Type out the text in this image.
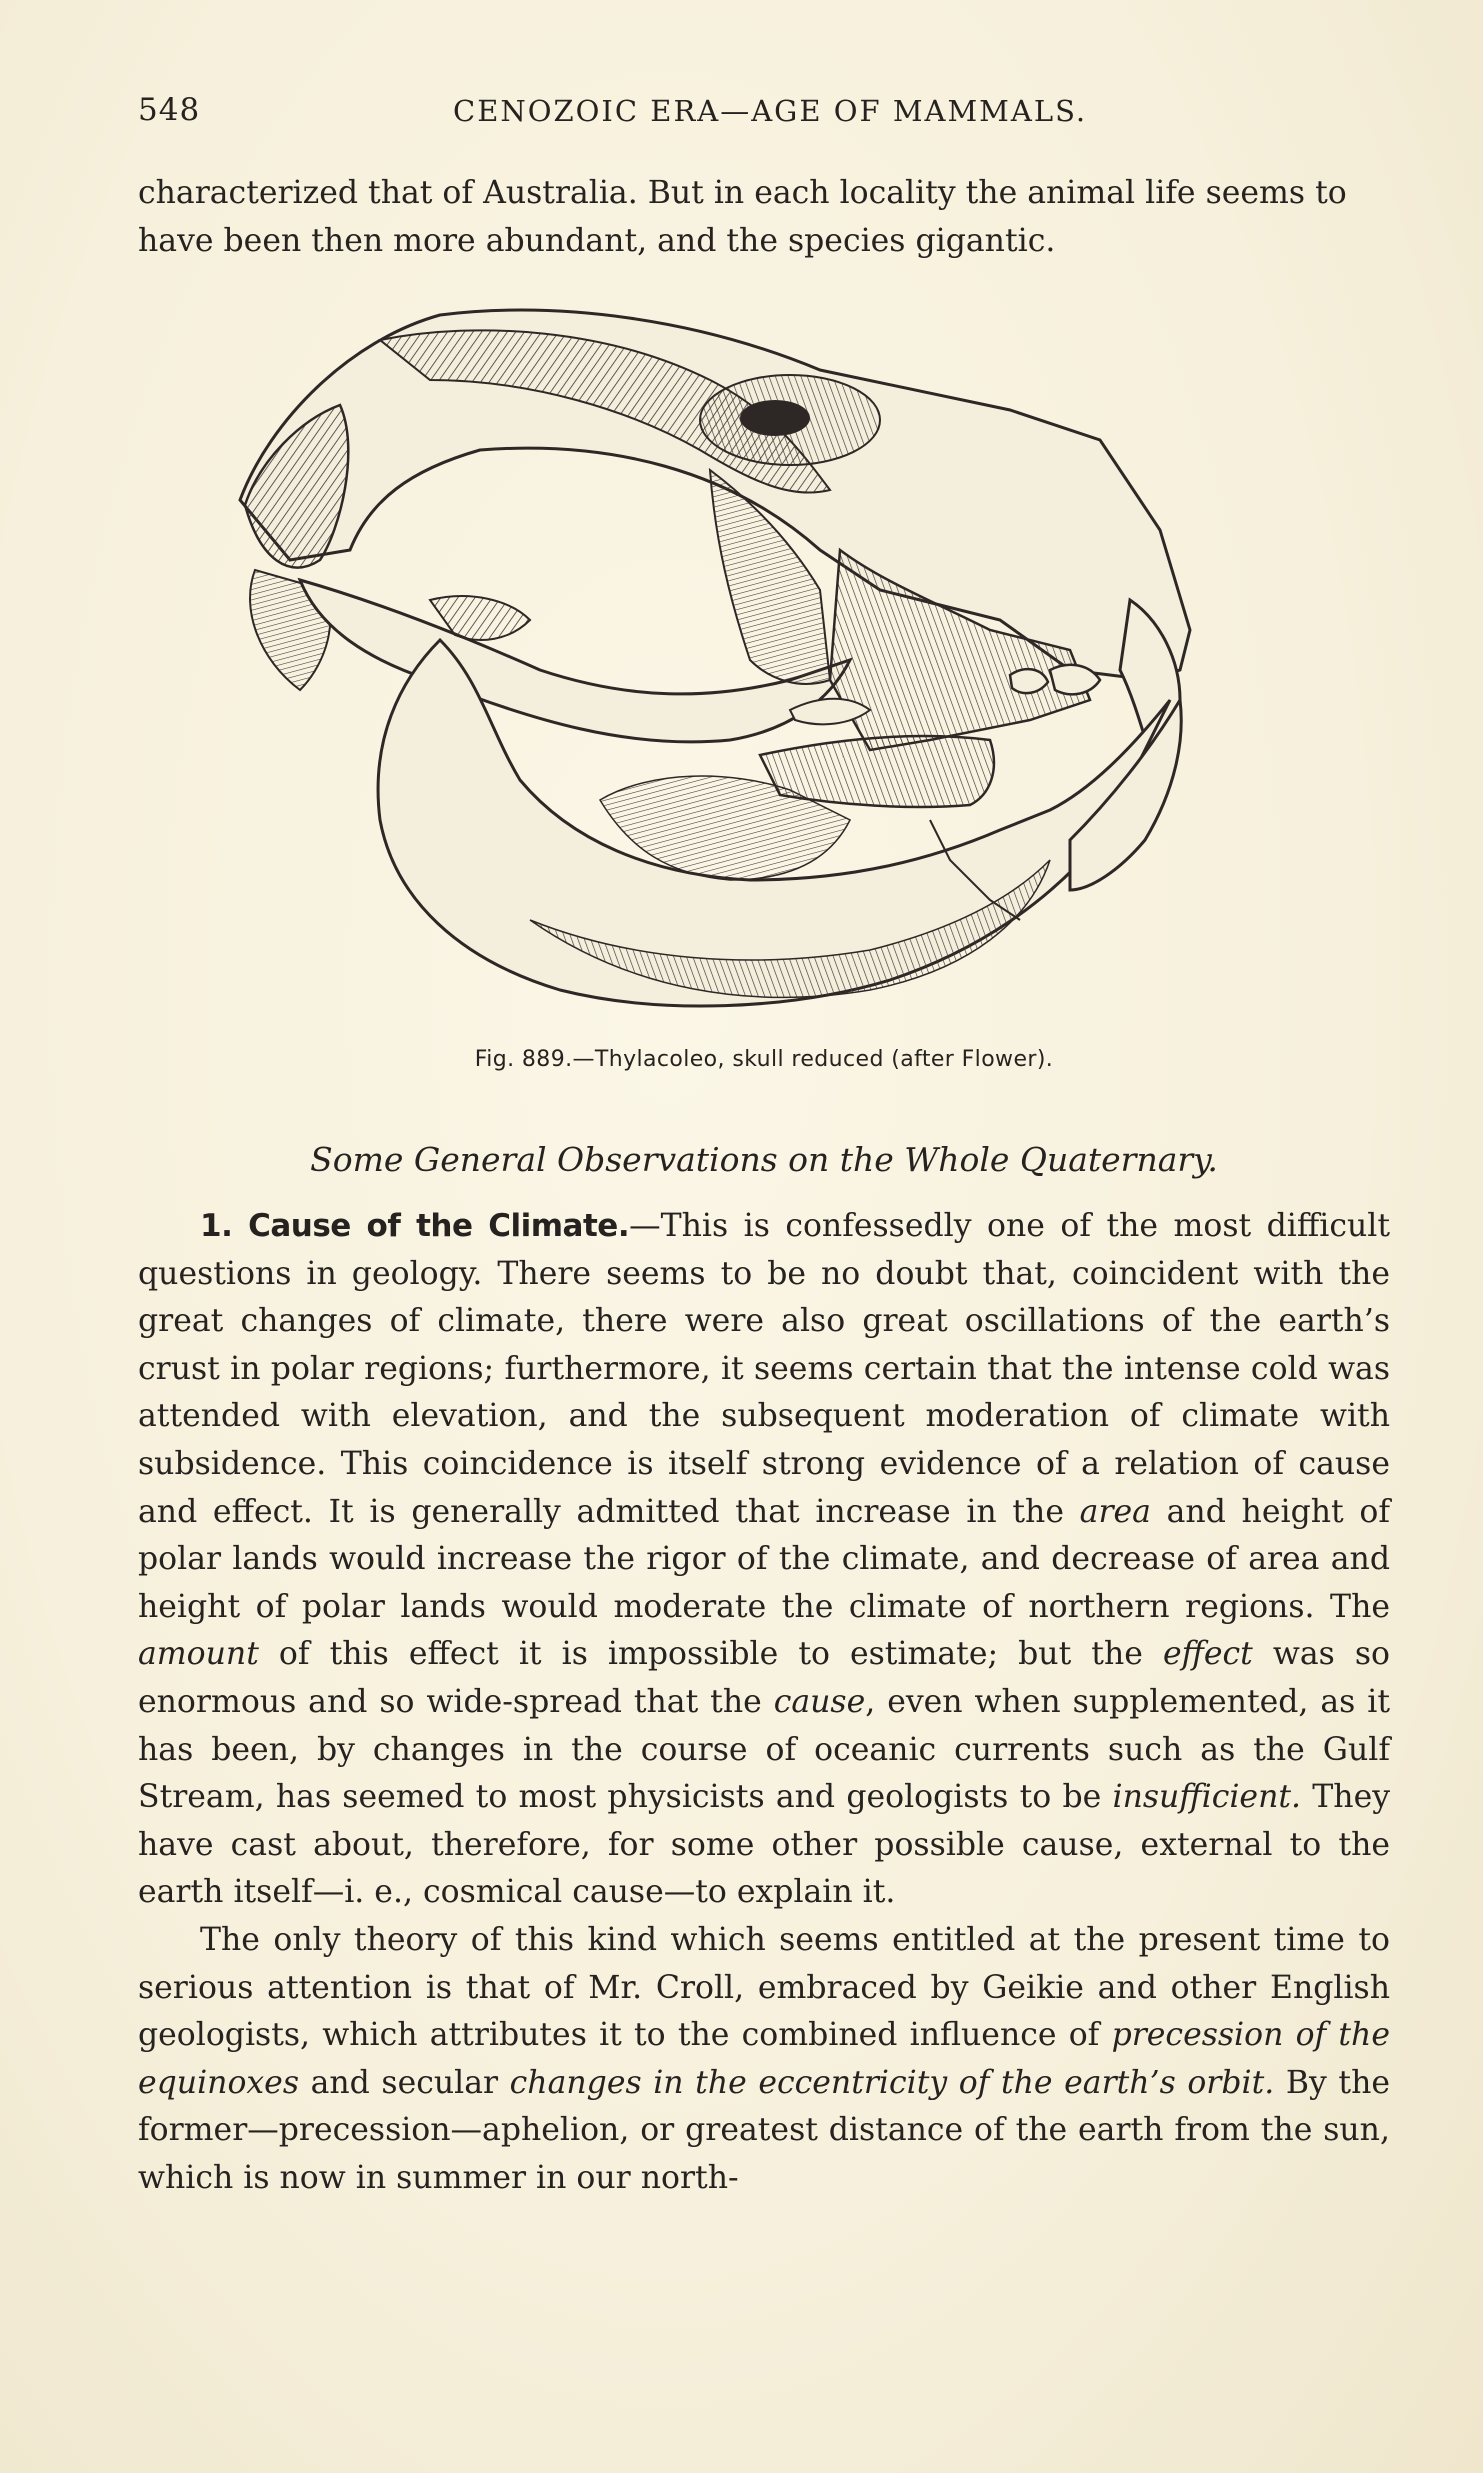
548	CENOZOIC ERA—AGE OF MAMMALS.

characterized that of Australia. But in each locality the animal life seems to have been then more abundant, and the species gigantic.

Fig. 889.—Thylacoleo, skull reduced (after Flower).
Some General Observations on the Whole Quaternary.

1. Cause of the Climate.—This is confessedly one of the most difficult questions in geology. There seems to be no doubt that, coincident with the great changes of climate, there were also great oscillations of the earth’s crust in polar regions; furthermore, it seems certain that the intense cold was attended with elevation, and the subsequent moderation of climate with subsidence. This coincidence is itself strong evidence of a relation of cause and effect. It is generally admitted that increase in the area and height of polar lands would increase the rigor of the climate, and decrease of area and height of polar lands would moderate the climate of northern regions. The amount of this effect it is impossible to estimate; but the effect was so enormous and so wide-spread that the cause, even when supplemented, as it has been, by changes in the course of oceanic currents such as the Gulf Stream, has seemed to most physicists and geologists to be insufficient. They have cast about, therefore, for some other possible cause, external to the earth itself—i. e., cosmical cause—to explain it.

The only theory of this kind which seems entitled at the present time to serious attention is that of Mr. Croll, embraced by Geikie and other English geologists, which attributes it to the combined influence of precession of the equinoxes and secular changes in the eccentricity of the earth’s orbit. By the former—precession—aphelion, or greatest distance of the earth from the sun, which is now in summer in our north-
